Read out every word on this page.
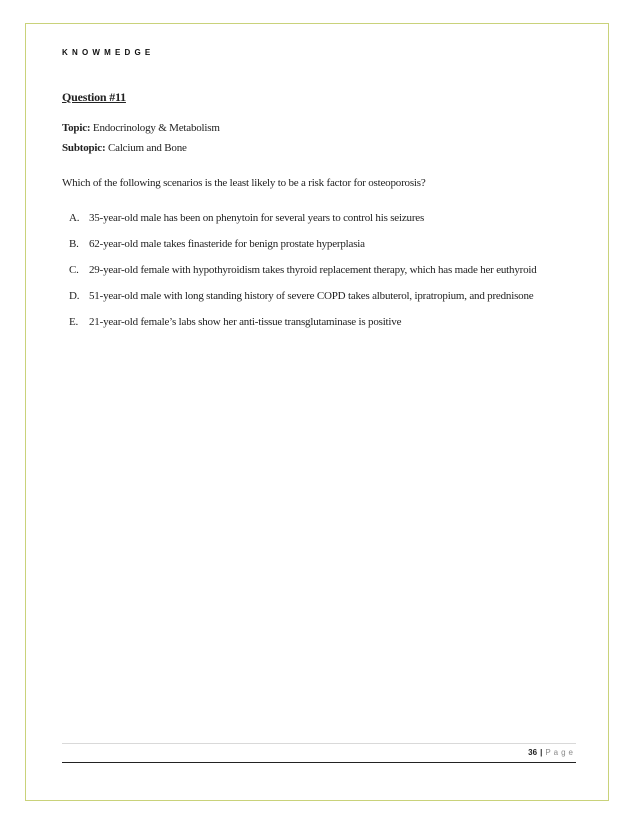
KNOWMEDGE
Question #11
Topic: Endocrinology & Metabolism
Subtopic: Calcium and Bone
Which of the following scenarios is the least likely to be a risk factor for osteoporosis?
A. 35-year-old male has been on phenytoin for several years to control his seizures
B. 62-year-old male takes finasteride for benign prostate hyperplasia
C. 29-year-old female with hypothyroidism takes thyroid replacement therapy, which has made her euthyroid
D. 51-year-old male with long standing history of severe COPD takes albuterol, ipratropium, and prednisone
E. 21-year-old female’s labs show her anti-tissue transglutaminase is positive
36 | Page
